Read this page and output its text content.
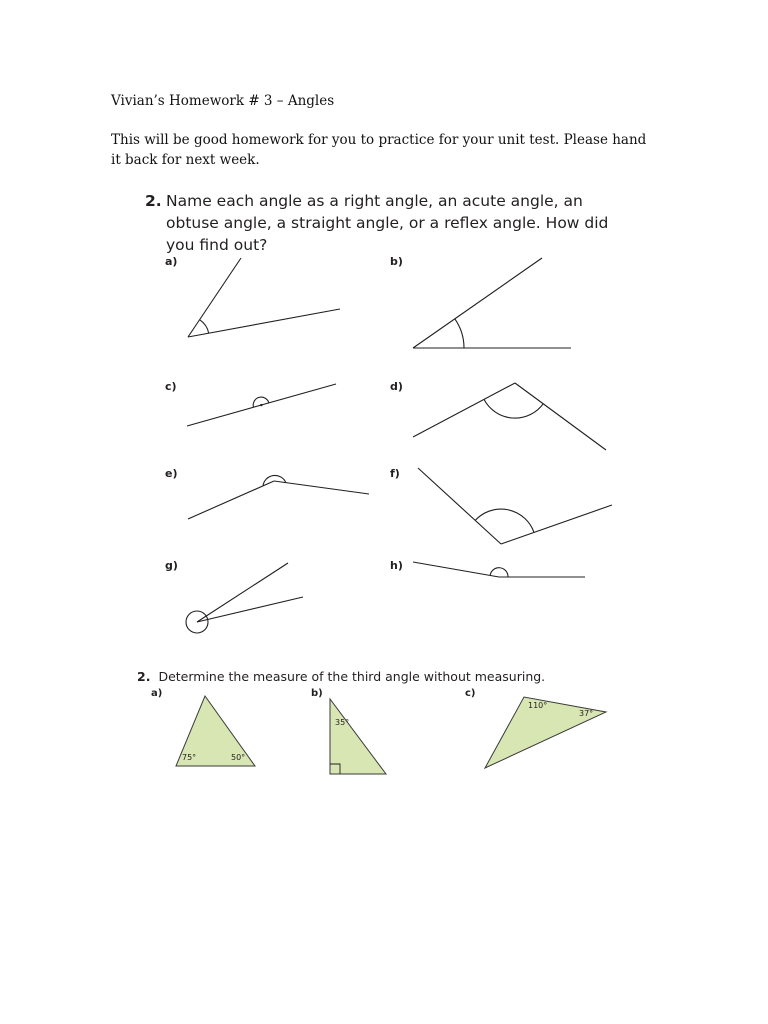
Vivian’s Homework # 3 – Angles
This will be good homework for you to practice for your unit test. Please hand it back for next week.
2. Name each angle as a right angle, an acute angle, an obtuse angle, a straight angle, or a reflex angle. How did you find out?
a)	b)
c)	d)
e)	f)
g)	h)
2. Determine the measure of the third angle without measuring.
a)	b)	c)
75°	50°
35°
110°
37°
